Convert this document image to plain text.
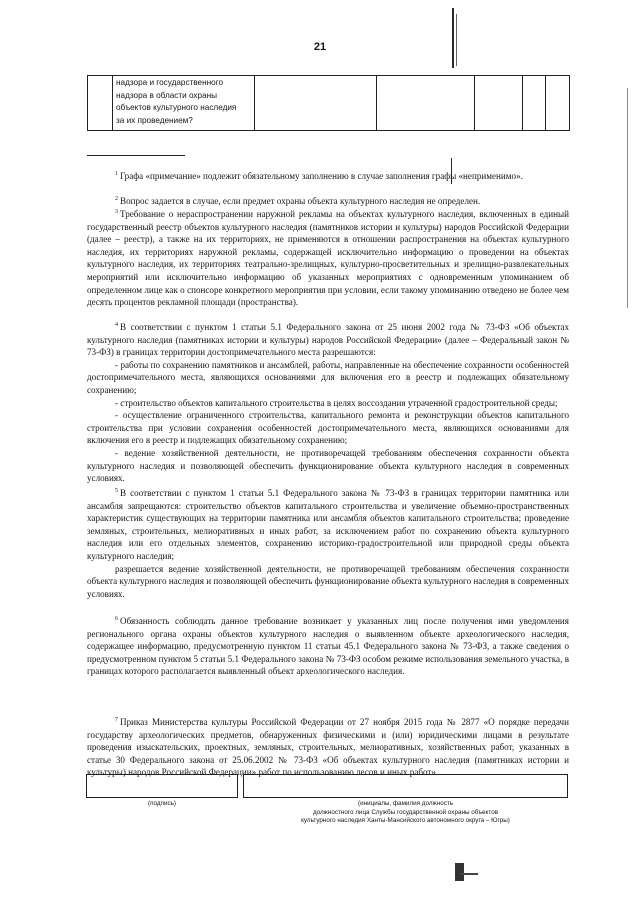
21

надзора и государственного
надзора в области охраны
объектов культурного наследия
за их проведением?

$^1$ Графа «примечание» подлежит обязательному заполнению в случае заполнения графы «неприменимо».

$^2$ Вопрос задается в случае, если предмет охраны объекта культурного наследия не определен.

$^3$ Требование о нераспространении наружной рекламы на объектах культурного наследия, включенных в единый государственный реестр объектов культурного наследия (памятников истории и культуры) народов Российской Федерации (далее – реестр), а также на их территориях, не применяются в отношении распространения на объектах культурного наследия, их территориях наружной рекламы, содержащей исключительно информацию о проведении на объектах культурного наследия, их территориях театрально-зрелищных, культурно-просветительных и зрелищно-развлекательных мероприятий или исключительно информацию об указанных мероприятиях с одновременным упоминанием об определенном лице как о спонсоре конкретного мероприятия при условии, если такому упоминанию отведено не более чем десять процентов рекламной площади (пространства).

$^4$ В соответствии с пунктом 1 статьи 5.1 Федерального закона от 25 июня 2002 года № 73-ФЗ «Об объектах культурного наследия (памятниках истории и культуры) народов Российской Федерации» (далее – Федеральный закон № 73-ФЗ) в границах территории достопримечательного места разрешаются:

- работы по сохранению памятников и ансамблей, работы, направленные на обеспечение сохранности особенностей достопримечательного места, являющихся основаниями для включения его в реестр и подлежащих обязательному сохранению;

- строительство объектов капитального строительства в целях воссоздания утраченной градостроительной среды;

- осуществление ограниченного строительства, капитального ремонта и реконструкции объектов капитального строительства при условии сохранения особенностей достопримечательного места, являющихся основаниями для включения его в реестр и подлежащих обязательному сохранению;

- ведение хозяйственной деятельности, не противоречащей требованиям обеспечения сохранности объекта культурного наследия и позволяющей обеспечить функционирование объекта культурного наследия в современных условиях.

$^5$ В соответствии с пунктом 1 статьи 5.1 Федерального закона № 73-ФЗ в границах территории памятника или ансамбля запрещаются: строительство объектов капитального строительства и увеличение объемно-пространственных характеристик существующих на территории памятника или ансамбля объектов капитального строительства; проведение земляных, строительных, мелиоративных и иных работ, за исключением работ по сохранению объекта культурного наследия или его отдельных элементов, сохранению историко-градостроительной или природной среды объекта культурного наследия;

разрешается ведение хозяйственной деятельности, не противоречащей требованиям обеспечения сохранности объекта культурного наследия и позволяющей обеспечить функционирование объекта культурного наследия в современных условиях.

$^6$ Обязанность соблюдать данное требование возникает у указанных лиц после получения ими уведомления регионального органа охраны объектов культурного наследия о выявленном объекте археологического наследия, содержащее информацию, предусмотренную пунктом 11 статьи 45.1 Федерального закона № 73-ФЗ, а также сведения о предусмотренном пунктом 5 статьи 5.1 Федерального закона № 73-ФЗ особом режиме использования земельного участка, в границах которого располагается выявленный объект археологического наследия.

$^7$ Приказ Министерства культуры Российской Федерации от 27 ноября 2015 года № 2877 «О порядке передачи государству археологических предметов, обнаруженных физическими и (или) юридическими лицами в результате проведения изыскательских, проектных, земляных, строительных, мелиоративных, хозяйственных работ, указанных в статье 30 Федерального закона от 25.06.2002 № 73-ФЗ «Об объектах культурного наследия (памятниках истории и культуры) народов Российской Федерации» работ по использованию лесов и иных работ».

(подпись)	(инициалы, фамилия должность
должностного лица Службы государственной охраны объектов
культурного наследия Ханты-Мансийского автономного округа – Югры)
